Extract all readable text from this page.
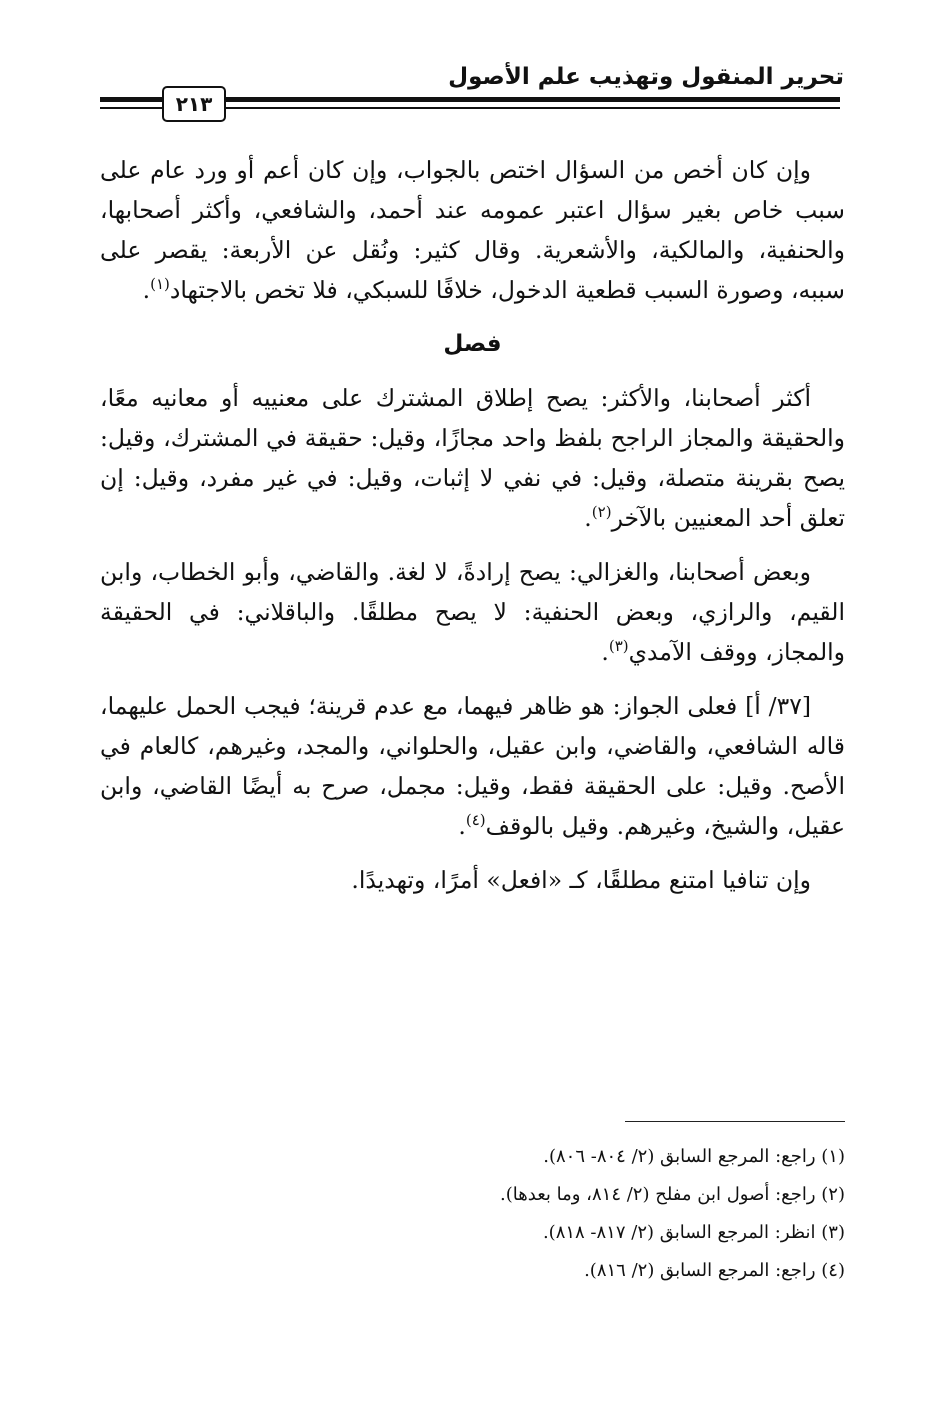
تحرير المنقول وتهذيب علم الأصول
٢١٣

وإن كان أخص من السؤال اختص بالجواب، وإن كان أعم أو ورد عام على سبب خاص بغير سؤال اعتبر عمومه عند أحمد، والشافعي، وأكثر أصحابها، والحنفية، والمالكية، والأشعرية. وقال كثير: ونُقل عن الأربعة: يقصر على سببه، وصورة السبب قطعية الدخول، خلافًا للسبكي، فلا تخص بالاجتهاد$^{(١)}$.

فصل

أكثر أصحابنا، والأكثر: يصح إطلاق المشترك على معنييه أو معانيه معًا، والحقيقة والمجاز الراجح بلفظ واحد مجازًا، وقيل: حقيقة في المشترك، وقيل: يصح بقرينة متصلة، وقيل: في نفي لا إثبات، وقيل: في غير مفرد، وقيل: إن تعلق أحد المعنيين بالآخر$^{(٢)}$.

وبعض أصحابنا، والغزالي: يصح إرادةً، لا لغة. والقاضي، وأبو الخطاب، وابن القيم، والرازي، وبعض الحنفية: لا يصح مطلقًا. والباقلاني: في الحقيقة والمجاز، ووقف الآمدي$^{(٣)}$.

[٣٧/ أ] فعلى الجواز: هو ظاهر فيهما، مع عدم قرينة؛ فيجب الحمل عليهما، قاله الشافعي، والقاضي، وابن عقيل، والحلواني، والمجد، وغيرهم، كالعام في الأصح. وقيل: على الحقيقة فقط، وقيل: مجمل، صرح به أيضًا القاضي، وابن عقيل، والشيخ، وغيرهم. وقيل بالوقف$^{(٤)}$.

وإن تنافيا امتنع مطلقًا، كـ «افعل» أمرًا، وتهديدًا.

(١) راجع: المرجع السابق (٢/ ٨٠٤- ٨٠٦).

(٢) راجع: أصول ابن مفلح (٢/ ٨١٤، وما بعدها).

(٣) انظر: المرجع السابق (٢/ ٨١٧- ٨١٨).

(٤) راجع: المرجع السابق (٢/ ٨١٦).
